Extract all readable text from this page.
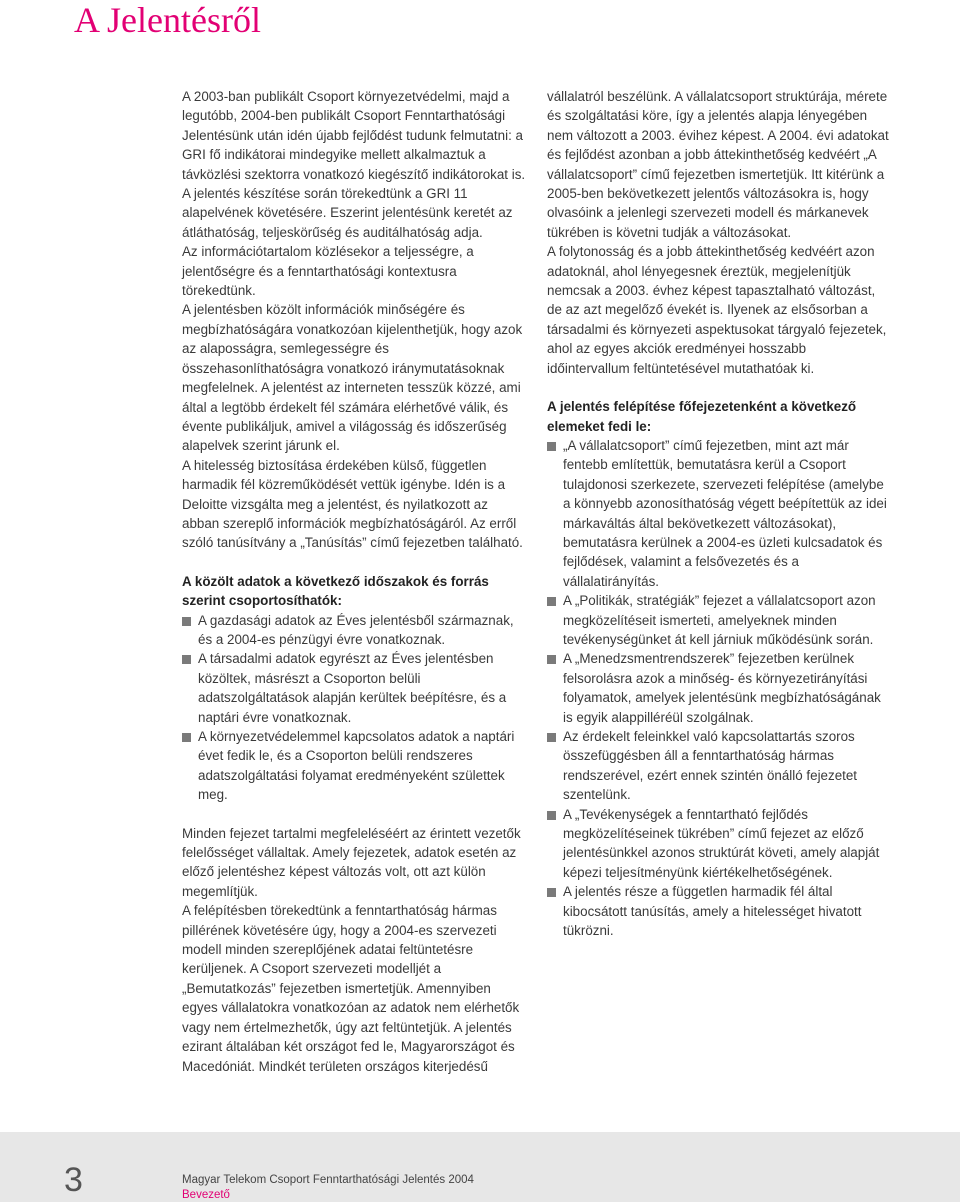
A Jelentésről

A 2003-ban publikált Csoport környezetvédelmi, majd a legutóbb, 2004-ben publikált Csoport Fenntarthatósági Jelentésünk után idén újabb fejlődést tudunk felmutatni: a GRI fő indikátorai mindegyike mellett alkalmaztuk a távközlési szektorra vonatkozó kiegészítő indikátorokat is.

A jelentés készítése során törekedtünk a GRI 11 alapelvének követésére. Eszerint jelentésünk keretét az átláthatóság, teljeskörűség és auditálhatóság adja.

Az információtartalom közlésekor a teljességre, a jelentőségre és a fenntarthatósági kontextusra törekedtünk.

A jelentésben közölt információk minőségére és megbízhatóságára vonatkozóan kijelenthetjük, hogy azok az alaposságra, semlegességre és összehasonlíthatóságra vonatkozó iránymutatásoknak megfelelnek. A jelentést az interneten tesszük közzé, ami által a legtöbb érdekelt fél számára elérhetővé válik, és évente publikáljuk, amivel a világosság és időszerűség alapelvek szerint járunk el.

A hitelesség biztosítása érdekében külső, független harmadik fél közreműködését vettük igénybe. Idén is a Deloitte vizsgálta meg a jelentést, és nyilatkozott az abban szereplő információk megbízhatóságáról. Az erről szóló tanúsítvány a „Tanúsítás” című fejezetben található.

A közölt adatok a következő időszakok és forrás szerint csoportosíthatók:
A gazdasági adatok az Éves jelentésből származnak, és a 2004-es pénzügyi évre vonatkoznak.
A társadalmi adatok egyrészt az Éves jelentésben közöltek, másrészt a Csoporton belüli adatszolgáltatások alapján kerültek beépítésre, és a naptári évre vonatkoznak.
A környezetvédelemmel kapcsolatos adatok a naptári évet fedik le, és a Csoporton belüli rendszeres adatszolgáltatási folyamat eredményeként születtek meg.

Minden fejezet tartalmi megfeleléséért az érintett vezetők felelősséget vállaltak. Amely fejezetek, adatok esetén az előző jelentéshez képest változás volt, ott azt külön megemlítjük.

A felépítésben törekedtünk a fenntarthatóság hármas pillérének követésére úgy, hogy a 2004-es szervezeti modell minden szereplőjének adatai feltüntetésre kerüljenek. A Csoport szervezeti modelljét a „Bemutatkozás” fejezetben ismertetjük. Amennyiben egyes vállalatokra vonatkozóan az adatok nem elérhetők vagy nem értelmezhetők, úgy azt feltüntetjük. A jelentés ezirant általában két országot fed le, Magyarországot és Macedóniát. Mindkét területen országos kiterjedésű

vállalatról beszélünk. A vállalatcsoport struktúrája, mérete és szolgáltatási köre, így a jelentés alapja lényegében nem változott a 2003. évihez képest. A 2004. évi adatokat és fejlődést azonban a jobb áttekinthetőség kedvéért „A vállalatcsoport” című fejezetben ismertetjük. Itt kitérünk a 2005-ben bekövetkezett jelentős változásokra is, hogy olvasóink a jelenlegi szervezeti modell és márkanevek tükrében is követni tudják a változásokat.

A folytonosság és a jobb áttekinthetőség kedvéért azon adatoknál, ahol lényegesnek éreztük, megjelenítjük nemcsak a 2003. évhez képest tapasztalható változást, de az azt megelőző évekét is. Ilyenek az elsősorban a társadalmi és környezeti aspektusokat tárgyaló fejezetek, ahol az egyes akciók eredményei hosszabb időintervallum feltüntetésével mutathatóak ki.

A jelentés felépítése főfejezetenként a következő elemeket fedi le:
„A vállalatcsoport” című fejezetben, mint azt már fentebb említettük, bemutatásra kerül a Csoport tulajdonosi szerkezete, szervezeti felépítése (amelybe a könnyebb azonosíthatóság végett beépítettük az idei márkaváltás által bekövetkezett változásokat), bemutatásra kerülnek a 2004-es üzleti kulcsadatok és fejlődések, valamint a felsővezetés és a vállalatirányítás.
A „Politikák, stratégiák” fejezet a vállalatcsoport azon megközelítéseit ismerteti, amelyeknek minden tevékenységünket át kell járniuk működésünk során.
A „Menedzsmentrendszerek” fejezetben kerülnek felsorolásra azok a minőség- és környezetirányítási folyamatok, amelyek jelentésünk megbízhatóságának is egyik alappilléréül szolgálnak.
Az érdekelt feleinkkel való kapcsolattartás szoros összefüggésben áll a fenntarthatóság hármas rendszerével, ezért ennek szintén önálló fejezetet szentelünk.
A „Tevékenységek a fenntartható fejlődés megközelítéseinek tükrében” című fejezet az előző jelentésünkkel azonos struktúrát követi, amely alapját képezi teljesítményünk kiértékelhetőségének.
A jelentés része a független harmadik fél által kibocsátott tanúsítás, amely a hitelességet hivatott tükrözni.
3	Magyar Telekom Csoport Fenntarthatósági Jelentés 2004
Bevezető
